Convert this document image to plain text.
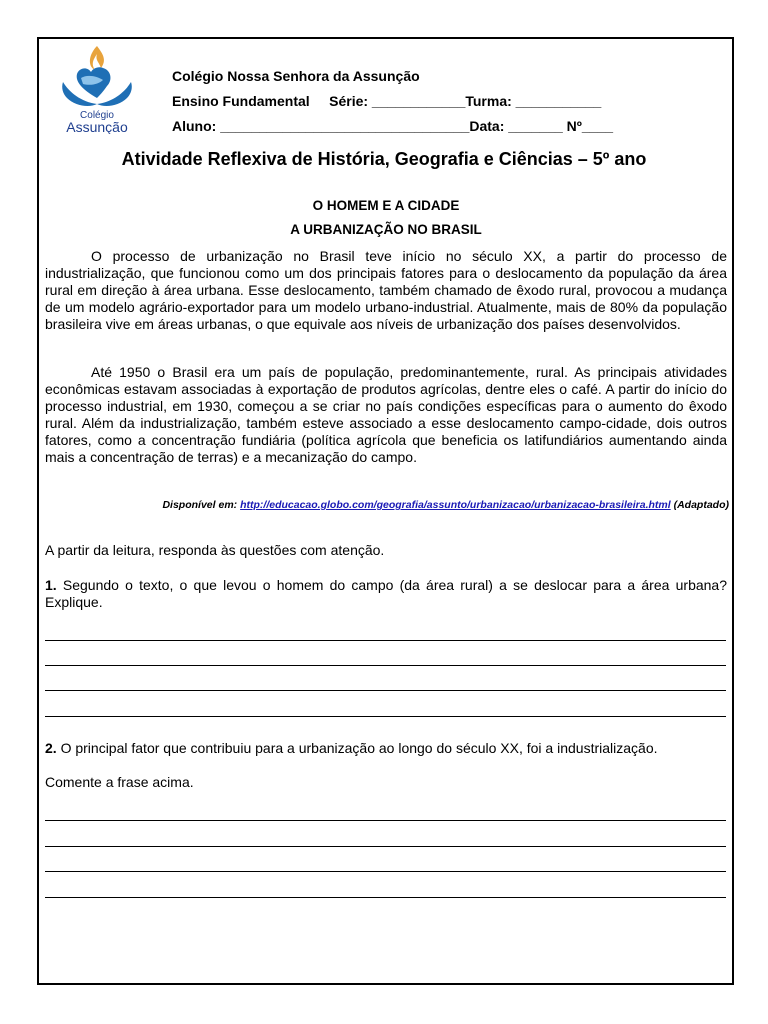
Colégio
Assunção
Colégio Nossa Senhora da Assunção
Ensino Fundamental     Série: ____________Turma: ___________
Aluno: ________________________________Data: _______ Nº____
Atividade Reflexiva de História, Geografia e Ciências – 5º ano
O HOMEM E A CIDADE
A URBANIZAÇÃO NO BRASIL

O processo de urbanização no Brasil teve início no século XX, a partir do processo de industrialização, que funcionou como um dos principais fatores para o deslocamento da população da área rural em direção à área urbana. Esse deslocamento, também chamado de êxodo rural, provocou a mudança de um modelo agrário-exportador para um modelo urbano-industrial. Atualmente, mais de 80% da população brasileira vive em áreas urbanas, o que equivale aos níveis de urbanização dos países desenvolvidos.

Até 1950 o Brasil era um país de população, predominantemente, rural. As principais atividades econômicas estavam associadas à exportação de produtos agrícolas, dentre eles o café. A partir do início do processo industrial, em 1930, começou a se criar no país condições específicas para o aumento do êxodo rural. Além da industrialização, também esteve associado a esse deslocamento campo-cidade, dois outros fatores, como a concentração fundiária (política agrícola que beneficia os latifundiários aumentando ainda mais a concentração de terras) e a mecanização do campo.

Disponível em: http://educacao.globo.com/geografia/assunto/urbanizacao/urbanizacao-brasileira.html (Adaptado)

A partir da leitura, responda às questões com atenção.

1. Segundo o texto, o que levou o homem do campo (da área rural) a se deslocar para a área urbana? Explique.

2. O principal fator que contribuiu para a urbanização ao longo do século XX, foi a industrialização.

Comente a frase acima.
